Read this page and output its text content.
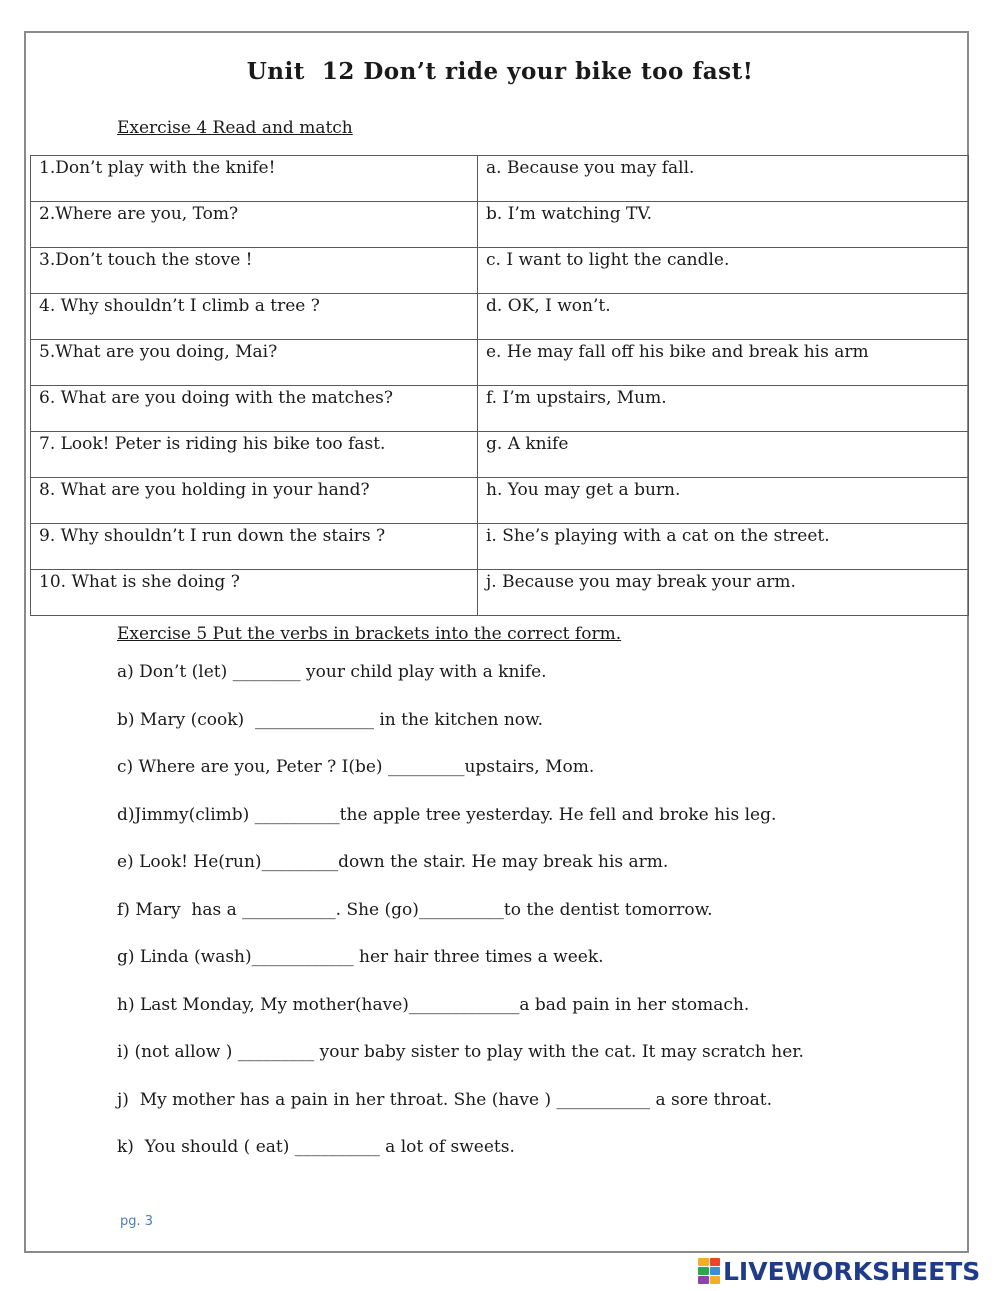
Unit  12 Don’t ride your bike too fast!
Exercise 4 Read and match
1.Don’t play with the knife!	a. Because you may fall.
2.Where are you, Tom?	b. I’m watching TV.
3.Don’t touch the stove !	c. I want to light the candle.
4. Why shouldn’t I climb a tree ?	d. OK, I won’t.
5.What are you doing, Mai?	e. He may fall off his bike and break his arm
6. What are you doing with the matches?	f. I’m upstairs, Mum.
7. Look! Peter is riding his bike too fast.	g. A knife
8. What are you holding in your hand?	h. You may get a burn.
9. Why shouldn’t I run down the stairs ?	i. She’s playing with a cat on the street.
10. What is she doing ?	j. Because you may break your arm.
Exercise 5 Put the verbs in brackets into the correct form.
a) Don’t (let) ________ your child play with a knife.
b) Mary (cook)  ______________ in the kitchen now.
c) Where are you, Peter ? I(be) _________upstairs, Mom.
d)Jimmy(climb) __________the apple tree yesterday. He fell and broke his leg.
e) Look! He(run)_________down the stair. He may break his arm.
f) Mary  has a ___________. She (go)__________to the dentist tomorrow.
g) Linda (wash)____________ her hair three times a week.
h) Last Monday, My mother(have)_____________a bad pain in her stomach.
i) (not allow ) _________ your baby sister to play with the cat. It may scratch her.
j)  My mother has a pain in her throat. She (have ) ___________ a sore throat.
k)  You should ( eat) __________ a lot of sweets.
pg. 3
LIVEWORKSHEETS
